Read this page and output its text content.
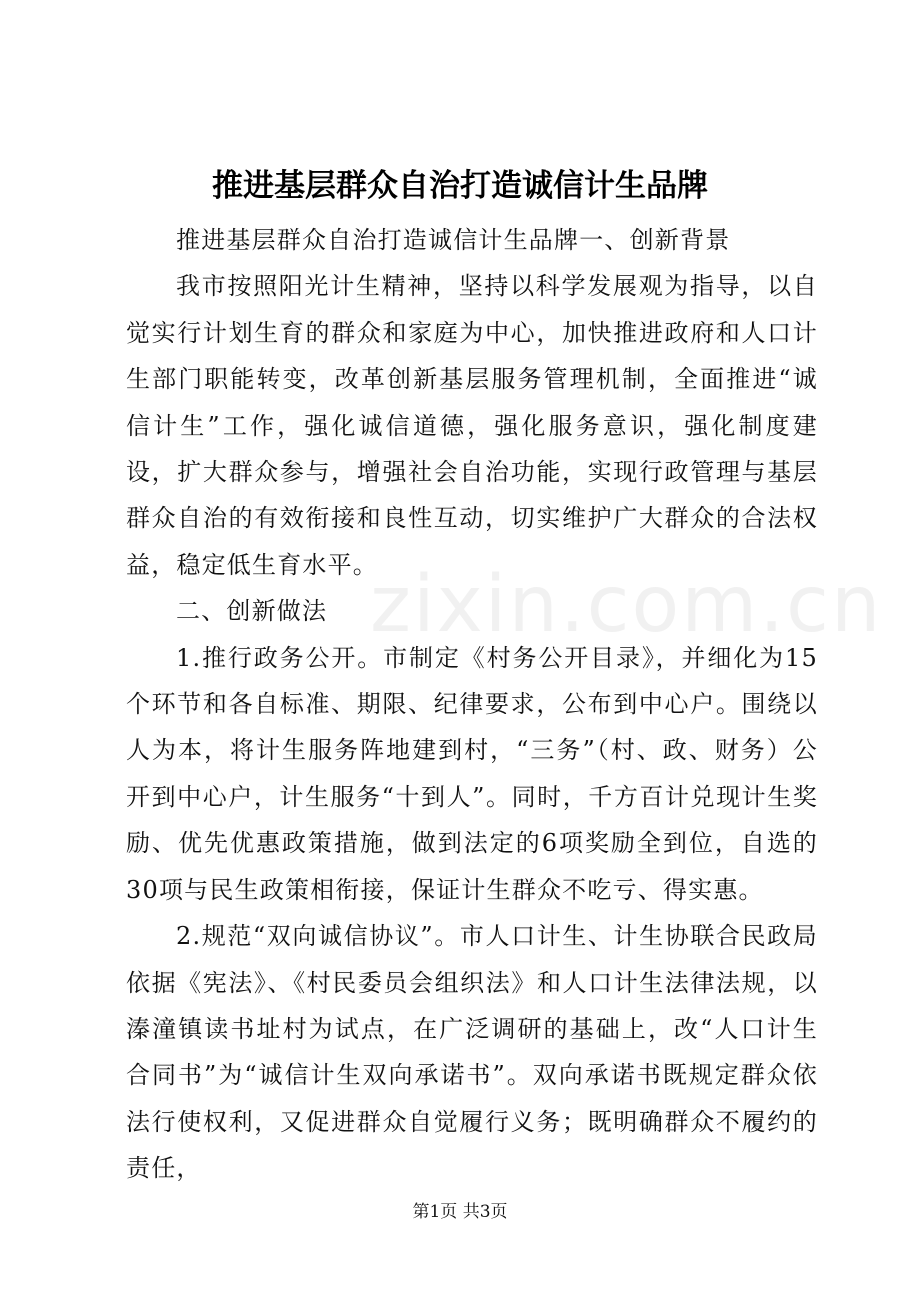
zixin.com.cn
推进基层群众自治打造诚信计生品牌

推进基层群众自治打造诚信计生品牌一、创新背景

我市按照阳光计生精神，坚持以科学发展观为指导，以自觉实行计划生育的群众和家庭为中心，加快推进政府和人口计生部门职能转变，改革创新基层服务管理机制，全面推进“诚信计生”工作，强化诚信道德，强化服务意识，强化制度建设，扩大群众参与，增强社会自治功能，实现行政管理与基层群众自治的有效衔接和良性互动，切实维护广大群众的合法权益，稳定低生育水平。

二、创新做法

1.推行政务公开。市制定《村务公开目录》，并细化为15个环节和各自标准、期限、纪律要求，公布到中心户。围绕以人为本，将计生服务阵地建到村，“三务”（村、政、财务）公开到中心户，计生服务“十到人”。同时，千方百计兑现计生奖励、优先优惠政策措施，做到法定的6项奖励全到位，自选的30项与民生政策相衔接，保证计生群众不吃亏、得实惠。

2.规范“双向诚信协议”。市人口计生、计生协联合民政局依据《宪法》、《村民委员会组织法》和人口计生法律法规，以溱潼镇读书址村为试点，在广泛调研的基础上，改“人口计生合同书”为“诚信计生双向承诺书”。双向承诺书既规定群众依法行使权利，又促进群众自觉履行义务；既明确群众不履约的责任，

第1页 共3页
